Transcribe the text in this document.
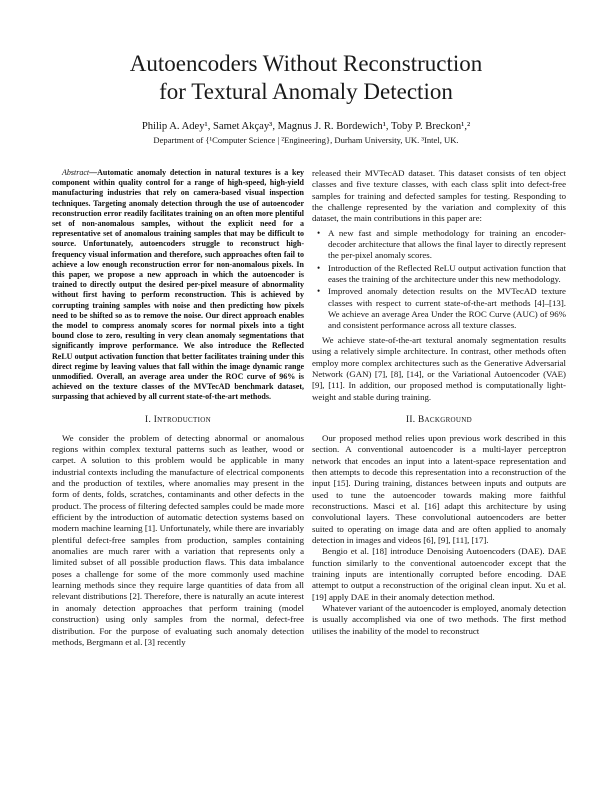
Autoencoders Without Reconstruction
for Textural Anomaly Detection
Philip A. Adey¹, Samet Akçay³, Magnus J. R. Bordewich¹, Toby P. Breckon¹,²
Department of {¹Computer Science | ²Engineering}, Durham University, UK. ³Intel, UK.

Abstract—Automatic anomaly detection in natural textures is a key component within quality control for a range of high-speed, high-yield manufacturing industries that rely on camera-based visual inspection techniques. Targeting anomaly detection through the use of autoencoder reconstruction error readily facilitates training on an often more plentiful set of non-anomalous samples, without the explicit need for a representative set of anomalous training samples that may be difficult to source. Unfortunately, autoencoders struggle to reconstruct high-frequency visual information and therefore, such approaches often fail to achieve a low enough reconstruction error for non-anomalous pixels. In this paper, we propose a new approach in which the autoencoder is trained to directly output the desired per-pixel measure of abnormality without first having to perform reconstruction. This is achieved by corrupting training samples with noise and then predicting how pixels need to be shifted so as to remove the noise. Our direct approach enables the model to compress anomaly scores for normal pixels into a tight bound close to zero, resulting in very clean anomaly segmentations that significantly improve performance. We also introduce the Reflected ReLU output activation function that better facilitates training under this direct regime by leaving values that fall within the image dynamic range unmodified. Overall, an average area under the ROC curve of 96% is achieved on the texture classes of the MVTecAD benchmark dataset, surpassing that achieved by all current state-of-the-art methods.

I. Introduction

We consider the problem of detecting abnormal or anomalous regions within complex textural patterns such as leather, wood or carpet. A solution to this problem would be applicable in many industrial contexts including the manufacture of electrical components and the production of textiles, where anomalies may present in the form of dents, folds, scratches, contaminants and other defects in the product. The process of filtering defected samples could be made more efficient by the introduction of automatic detection systems based on modern machine learning [1]. Unfortunately, while there are invariably plentiful defect-free samples from production, samples containing anomalies are much rarer with a variation that represents only a limited subset of all possible production flaws. This data imbalance poses a challenge for some of the more commonly used machine learning methods since they require large quantities of data from all relevant distributions [2]. Therefore, there is naturally an acute interest in anomaly detection approaches that perform training (model construction) using only samples from the normal, defect-free distribution. For the purpose of evaluating such anomaly detection methods, Bergmann et al. [3] recently

released their MVTecAD dataset. This dataset consists of ten object classes and five texture classes, with each class split into defect-free samples for training and defected samples for testing. Responding to the challenge represented by the variation and complexity of this dataset, the main contributions in this paper are:

• A new fast and simple methodology for training an encoder-decoder architecture that allows the final layer to directly represent the per-pixel anomaly scores.

• Introduction of the Reflected ReLU output activation function that eases the training of the architecture under this new methodology.

• Improved anomaly detection results on the MVTecAD texture classes with respect to current state-of-the-art methods [4]–[13]. We achieve an average Area Under the ROC Curve (AUC) of 96% and consistent performance across all texture classes.

We achieve state-of-the-art textural anomaly segmentation results using a relatively simple architecture. In contrast, other methods often employ more complex architectures such as the Generative Adversarial Network (GAN) [7], [8], [14], or the Variational Autoencoder (VAE) [9], [11]. In addition, our proposed method is computationally light-weight and stable during training.

II. Background

Our proposed method relies upon previous work described in this section. A conventional autoencoder is a multi-layer perceptron network that encodes an input into a latent-space representation and then attempts to decode this representation into a reconstruction of the input [15]. During training, distances between inputs and outputs are used to tune the autoencoder towards making more faithful reconstructions. Masci et al. [16] adapt this architecture by using convolutional layers. These convolutional autoencoders are better suited to operating on image data and are often applied to anomaly detection in images and videos [6], [9], [11], [17].

Bengio et al. [18] introduce Denoising Autoencoders (DAE). DAE function similarly to the conventional autoencoder except that the training inputs are intentionally corrupted before encoding. DAE attempt to output a reconstruction of the original clean input. Xu et al. [19] apply DAE in their anomaly detection method.

Whatever variant of the autoencoder is employed, anomaly detection is usually accomplished via one of two methods. The first method utilises the inability of the model to reconstruct
